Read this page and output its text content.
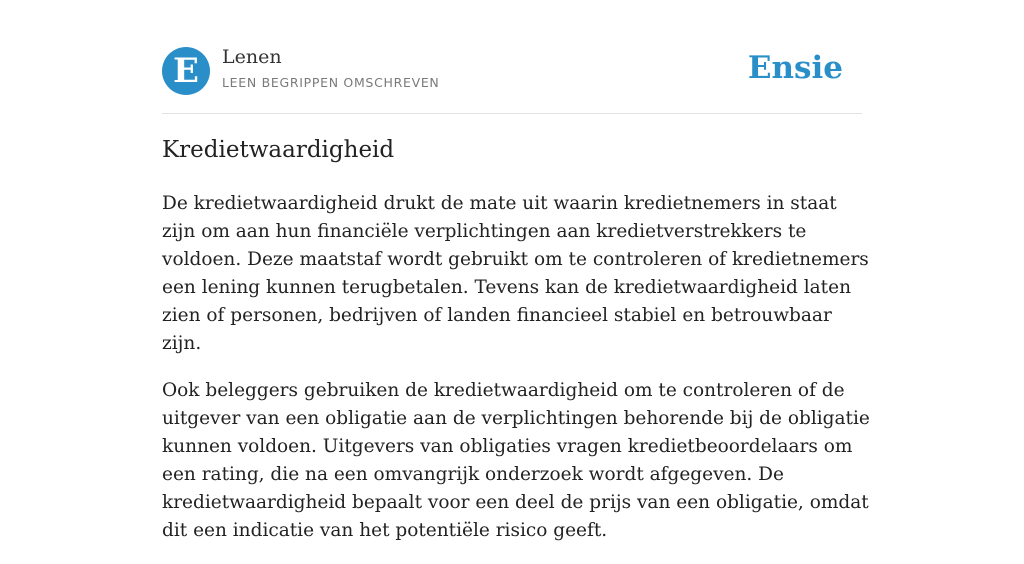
E	Lenen
LEEN BEGRIPPEN OMSCHREVEN	Ensie
Kredietwaardigheid

De kredietwaardigheid drukt de mate uit waarin kredietnemers in staat zijn om aan hun financiële verplichtingen aan kredietverstrekkers te voldoen. Deze maatstaf wordt gebruikt om te controleren of kredietnemers een lening kunnen terugbetalen. Tevens kan de kredietwaardigheid laten zien of personen, bedrijven of landen financieel stabiel en betrouwbaar zijn.

Ook beleggers gebruiken de kredietwaardigheid om te controleren of de uitgever van een obligatie aan de verplichtingen behorende bij de obligatie kunnen voldoen. Uitgevers van obligaties vragen kredietbeoordelaars om een rating, die na een omvangrijk onderzoek wordt afgegeven. De kredietwaardigheid bepaalt voor een deel de prijs van een obligatie, omdat dit een indicatie van het potentiële risico geeft.
